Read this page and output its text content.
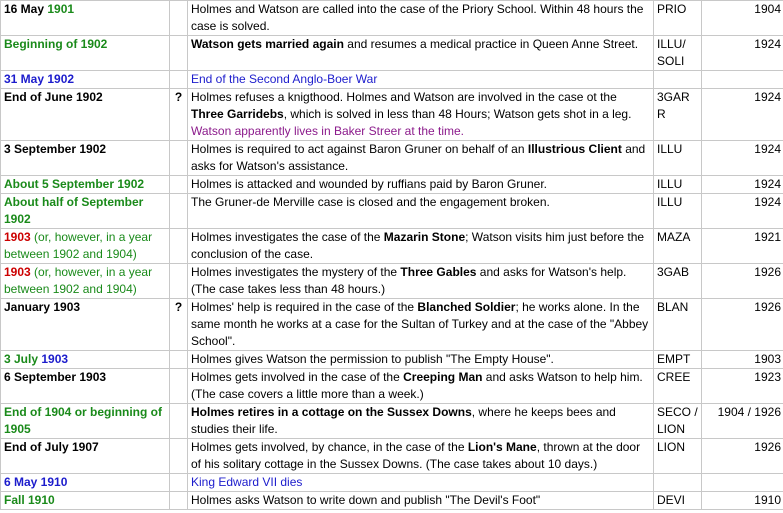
16 May 1901		Holmes and Watson are called into the case of the Priory School. Within 48 hours the case is solved.	PRIO	1904
Beginning of 1902		Watson gets married again and resumes a medical practice in Queen Anne Street.	ILLU/ SOLI	1924
31 May 1902		End of the Second Anglo-Boer War		
End of June 1902	?	Holmes refuses a knigthood. Holmes and Watson are involved in the case ot the Three Garridebs, which is solved in less than 48 Hours; Watson gets shot in a leg. Watson apparently lives in Baker Streer at the time.	3GARR	1924
3 September 1902		Holmes is required to act against Baron Gruner on behalf of an Illustrious Client and asks for Watson's assistance.	ILLU	1924
About 5 September 1902		Holmes is attacked and wounded by ruffians paid by Baron Gruner.	ILLU	1924
About half of September 1902		The Gruner-de Merville case is closed and the engagement broken.	ILLU	1924
1903 (or, however, in a year between 1902 and 1904)		Holmes investigates the case of the Mazarin Stone; Watson visits him just before the conclusion of the case.	MAZA	1921
1903 (or, however, in a year between 1902 and 1904)		Holmes investigates the mystery of the Three Gables and asks for Watson's help. (The case takes less than 48 hours.)	3GAB	1926
January 1903	?	Holmes' help is required in the case of the Blanched Soldier; he works alone. In the same month he works at a case for the Sultan of Turkey and at the case of the "Abbey School".	BLAN	1926
3 July 1903		Holmes gives Watson the permission to publish "The Empty House".	EMPT	1903
6 September 1903		Holmes gets involved in the case of the Creeping Man and asks Watson to help him. (The case covers a little more than a week.)	CREE	1923
End of 1904 or beginning of 1905		Holmes retires in a cottage on the Sussex Downs, where he keeps bees and studies their life.	SECO / LION	1904 / 1926
End of July 1907		Holmes gets involved, by chance, in the case of the Lion's Mane, thrown at the door of his solitary cottage in the Sussex Downs. (The case takes about 10 days.)	LION	1926
6 May 1910		King Edward VII dies		
Fall 1910		Holmes asks Watson to write down and publish "The Devil's Foot"	DEVI	1910
